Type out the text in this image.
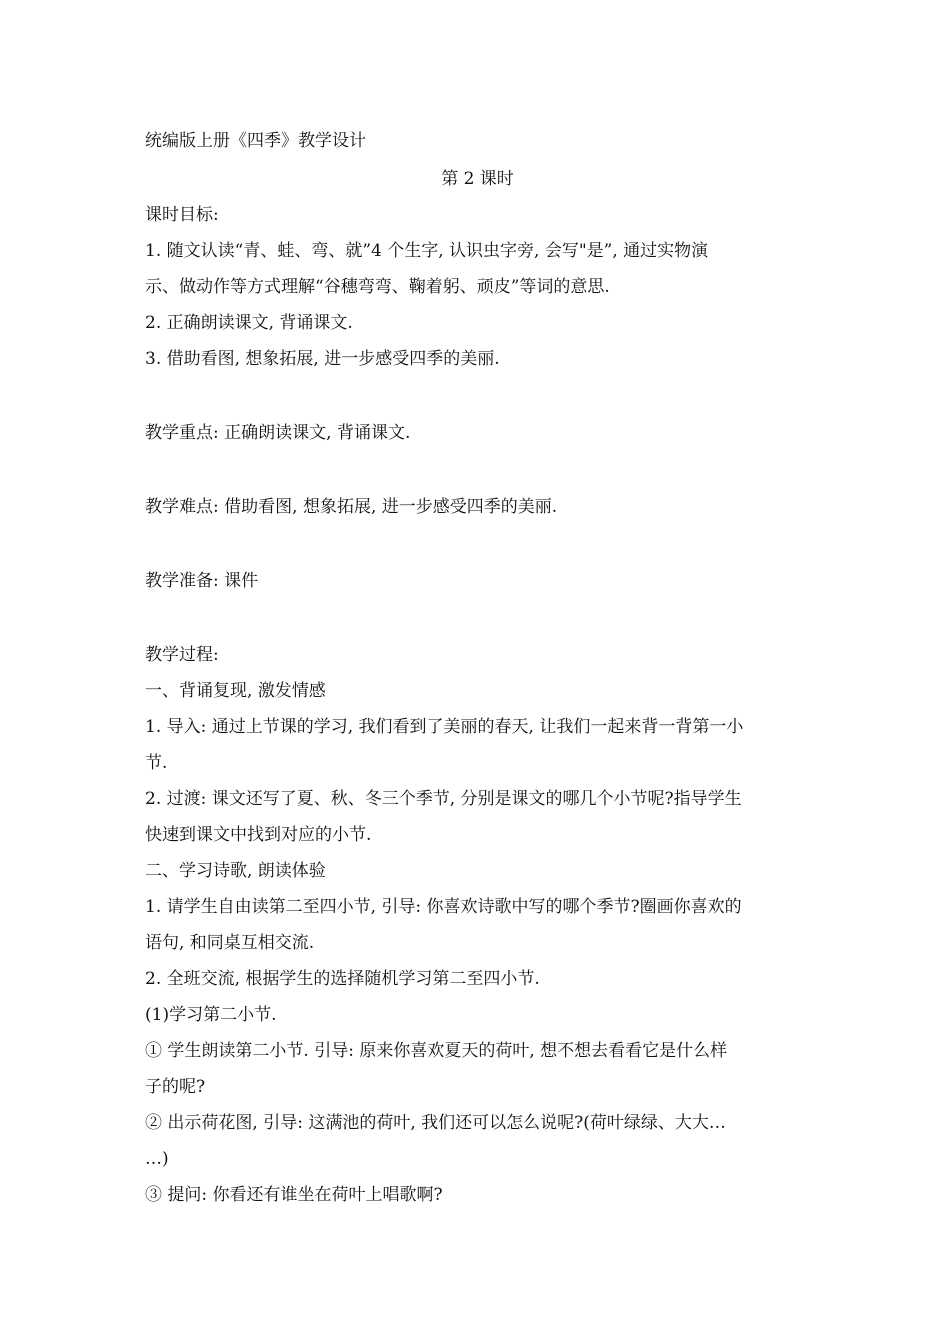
统编版上册《四季》教学设计
第 2 课时
课时目标:
1. 随文认读“青、蛙、弯、就”4 个生字, 认识虫字旁, 会写"是”, 通过实物演
示、做动作等方式理解“谷穗弯弯、鞠着躬、顽皮”等词的意思.
2. 正确朗读课文, 背诵课文.
3. 借助看图, 想象拓展, 进一步感受四季的美丽.
教学重点: 正确朗读课文, 背诵课文.
教学难点: 借助看图, 想象拓展, 进一步感受四季的美丽.
教学准备: 课件
教学过程:
一、背诵复现, 激发情感
1. 导入: 通过上节课的学习, 我们看到了美丽的春天, 让我们一起来背一背第一小
节.
2. 过渡: 课文还写了夏、秋、冬三个季节, 分别是课文的哪几个小节呢?指导学生
快速到课文中找到对应的小节.
二、学习诗歌, 朗读体验
1. 请学生自由读第二至四小节, 引导: 你喜欢诗歌中写的哪个季节?圈画你喜欢的
语句, 和同桌互相交流.
2. 全班交流, 根据学生的选择随机学习第二至四小节.
(1)学习第二小节.
① 学生朗读第二小节. 引导: 原来你喜欢夏天的荷叶, 想不想去看看它是什么样
子的呢?
② 出示荷花图, 引导: 这满池的荷叶, 我们还可以怎么说呢?(荷叶绿绿、大大…
…)
③ 提问: 你看还有谁坐在荷叶上唱歌啊?
